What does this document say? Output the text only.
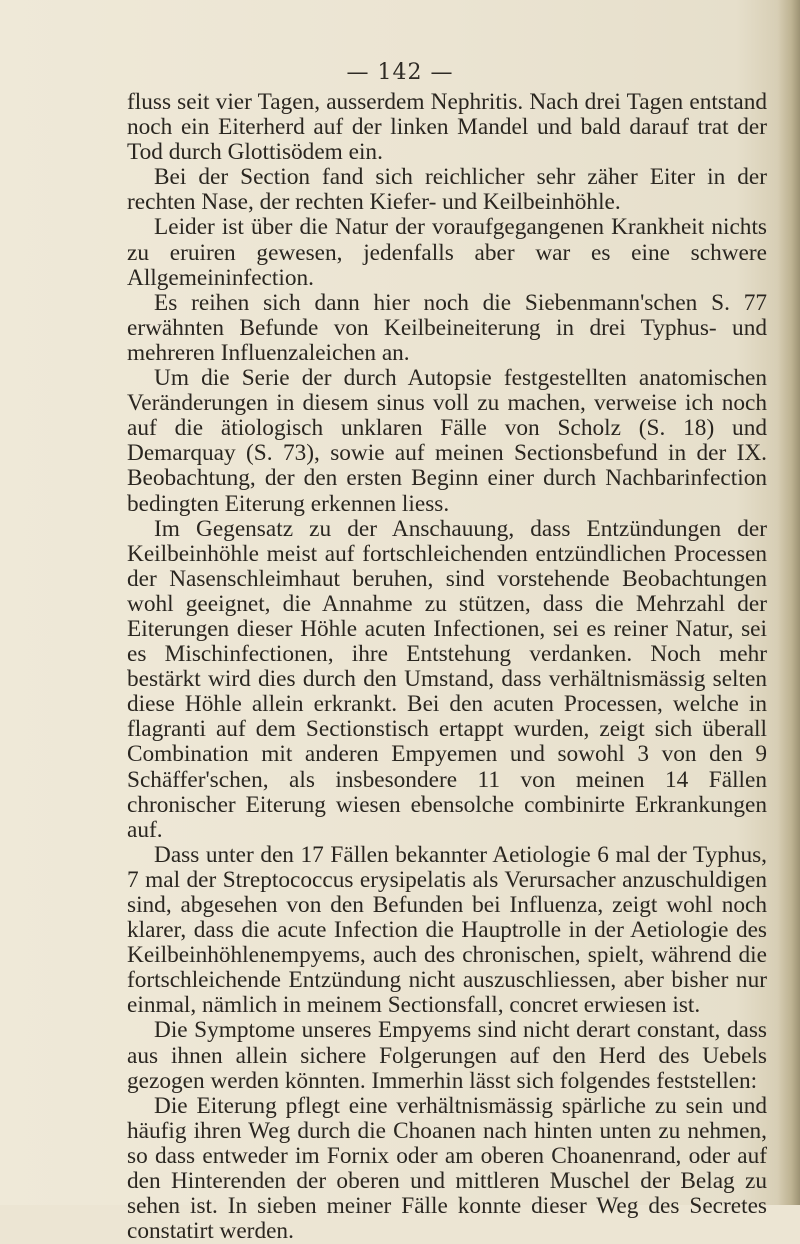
— 142 —

fluss seit vier Tagen, ausserdem Nephritis. Nach drei Tagen entstand noch ein Eiterherd auf der linken Mandel und bald darauf trat der Tod durch Glottisödem ein.

Bei der Section fand sich reichlicher sehr zäher Eiter in der rechten Nase, der rechten Kiefer- und Keilbeinhöhle.

Leider ist über die Natur der voraufgegangenen Krankheit nichts zu eruiren gewesen, jedenfalls aber war es eine schwere Allgemeininfection.

Es reihen sich dann hier noch die Siebenmann'schen S. 77 erwähnten Befunde von Keilbeineiterung in drei Typhus- und mehreren Influenzaleichen an.

Um die Serie der durch Autopsie festgestellten anatomischen Veränderungen in diesem sinus voll zu machen, verweise ich noch auf die ätiologisch unklaren Fälle von Scholz (S. 18) und Demarquay (S. 73), sowie auf meinen Sectionsbefund in der IX. Beobachtung, der den ersten Beginn einer durch Nachbarinfection bedingten Eiterung erkennen liess.

Im Gegensatz zu der Anschauung, dass Entzündungen der Keilbeinhöhle meist auf fortschleichenden entzündlichen Processen der Nasenschleimhaut beruhen, sind vorstehende Beobachtungen wohl geeignet, die Annahme zu stützen, dass die Mehrzahl der Eiterungen dieser Höhle acuten Infectionen, sei es reiner Natur, sei es Mischinfectionen, ihre Entstehung verdanken. Noch mehr bestärkt wird dies durch den Umstand, dass verhältnismässig selten diese Höhle allein erkrankt. Bei den acuten Processen, welche in flagranti auf dem Sectionstisch ertappt wurden, zeigt sich überall Combination mit anderen Empyemen und sowohl 3 von den 9 Schäffer'schen, als insbesondere 11 von meinen 14 Fällen chronischer Eiterung wiesen ebensolche combinirte Erkrankungen auf.

Dass unter den 17 Fällen bekannter Aetiologie 6 mal der Typhus, 7 mal der Streptococcus erysipelatis als Verursacher anzuschuldigen sind, abgesehen von den Befunden bei Influenza, zeigt wohl noch klarer, dass die acute Infection die Hauptrolle in der Aetiologie des Keilbeinhöhlenempyems, auch des chronischen, spielt, während die fortschleichende Entzündung nicht auszuschliessen, aber bisher nur einmal, nämlich in meinem Sectionsfall, concret erwiesen ist.

Die Symptome unseres Empyems sind nicht derart constant, dass aus ihnen allein sichere Folgerungen auf den Herd des Uebels gezogen werden könnten. Immerhin lässt sich folgendes feststellen:

Die Eiterung pflegt eine verhältnismässig spärliche zu sein und häufig ihren Weg durch die Choanen nach hinten unten zu nehmen, so dass entweder im Fornix oder am oberen Choanenrand, oder auf den Hinterenden der oberen und mittleren Muschel der Belag zu sehen ist. In sieben meiner Fälle konnte dieser Weg des Secretes constatirt werden.
